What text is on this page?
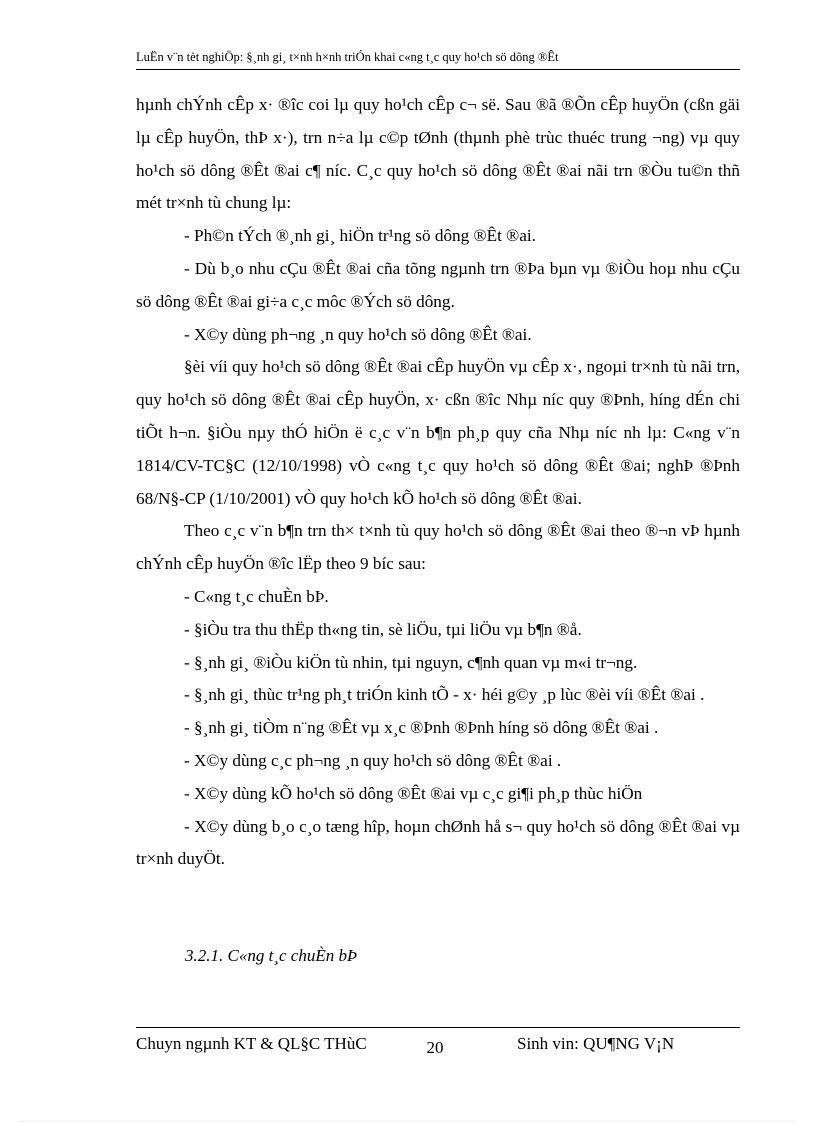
LuËn v¨n tèt nghiÖp: §¸nh gi¸ t×nh h×nh triÓn khai c«ng t¸c quy ho¹ch sö dông ®Êt

hµnh chÝnh cÊp x· ®îc coi lµ quy ho¹ch cÊp c¬ së. Sau ®ã ®Õn cÊp huyÖn (cßn gäi lµ cÊp huyÖn, thÞ x·), trn n÷a lµ c©p tØnh (thµnh phè trùc thuéc trung ¬ng) vµ quy ho¹ch sö dông ®Êt ®ai c¶ níc. C¸c quy ho¹ch sö dông ®Êt ®ai nãi trn ®Òu tu©n thñ mét tr×nh tù chung lµ:

- Ph©n tÝch ®¸nh gi¸ hiÖn tr¹ng sö dông ®Êt ®ai.

- Dù b¸o nhu cÇu ®Êt ®ai cña tõng ngµnh trn ®Þa bµn vµ ®iÒu hoµ nhu cÇu sö dông ®Êt ®ai gi÷a c¸c môc ®Ých sö dông.

- X©y dùng ph¬ng ¸n quy ho¹ch sö dông ®Êt ®ai.

§èi víi quy ho¹ch sö dông ®Êt ®ai cÊp huyÖn vµ cÊp x·, ngoµi tr×nh tù nãi trn, quy ho¹ch sö dông ®Êt ®ai cÊp huyÖn, x· cßn ®îc Nhµ níc quy ®Þnh, híng dÉn chi tiÕt h¬n. §iÒu nµy thÓ hiÖn ë c¸c v¨n b¶n ph¸p quy cña Nhµ níc nh lµ: C«ng v¨n 1814/CV-TC§C (12/10/1998) vÒ c«ng t¸c quy ho¹ch sö dông ®Êt ®ai; nghÞ ®Þnh 68/N§-CP (1/10/2001) vÒ quy ho¹ch kÕ ho¹ch sö dông ®Êt ®ai.

Theo c¸c v¨n b¶n trn th× t×nh tù quy ho¹ch sö dông ®Êt ®ai theo ®¬n vÞ hµnh chÝnh cÊp huyÖn ®îc lËp theo 9 bíc sau:

- C«ng t¸c chuÈn bÞ.

- §iÒu tra thu thËp th«ng tin, sè liÖu, tµi liÖu vµ b¶n ®å.

- §¸nh gi¸ ®iÒu kiÖn tù nhin, tµi nguyn, c¶nh quan vµ m«i tr¬ng.

- §¸nh gi¸ thùc tr¹ng ph¸t triÓn kinh tÕ - x· héi g©y ¸p lùc ®èi víi ®Êt ®ai .

- §¸nh gi¸ tiÒm n¨ng ®Êt vµ x¸c ®Þnh ®Þnh híng sö dông ®Êt ®ai .

- X©y dùng c¸c ph¬ng ¸n quy ho¹ch sö dông ®Êt ®ai .

- X©y dùng kÕ ho¹ch sö dông ®Êt ®ai vµ c¸c gi¶i ph¸p thùc hiÖn

- X©y dùng b¸o c¸o tæng hîp, hoµn chØnh hå s¬ quy ho¹ch sö dông ®Êt ®ai vµ tr×nh duyÖt.

3.2.1. C«ng t¸c chuÈn bÞ
Chuyn ngµnh KT & QL§C THùC	20	Sinh vin: QU¶NG V¡N
